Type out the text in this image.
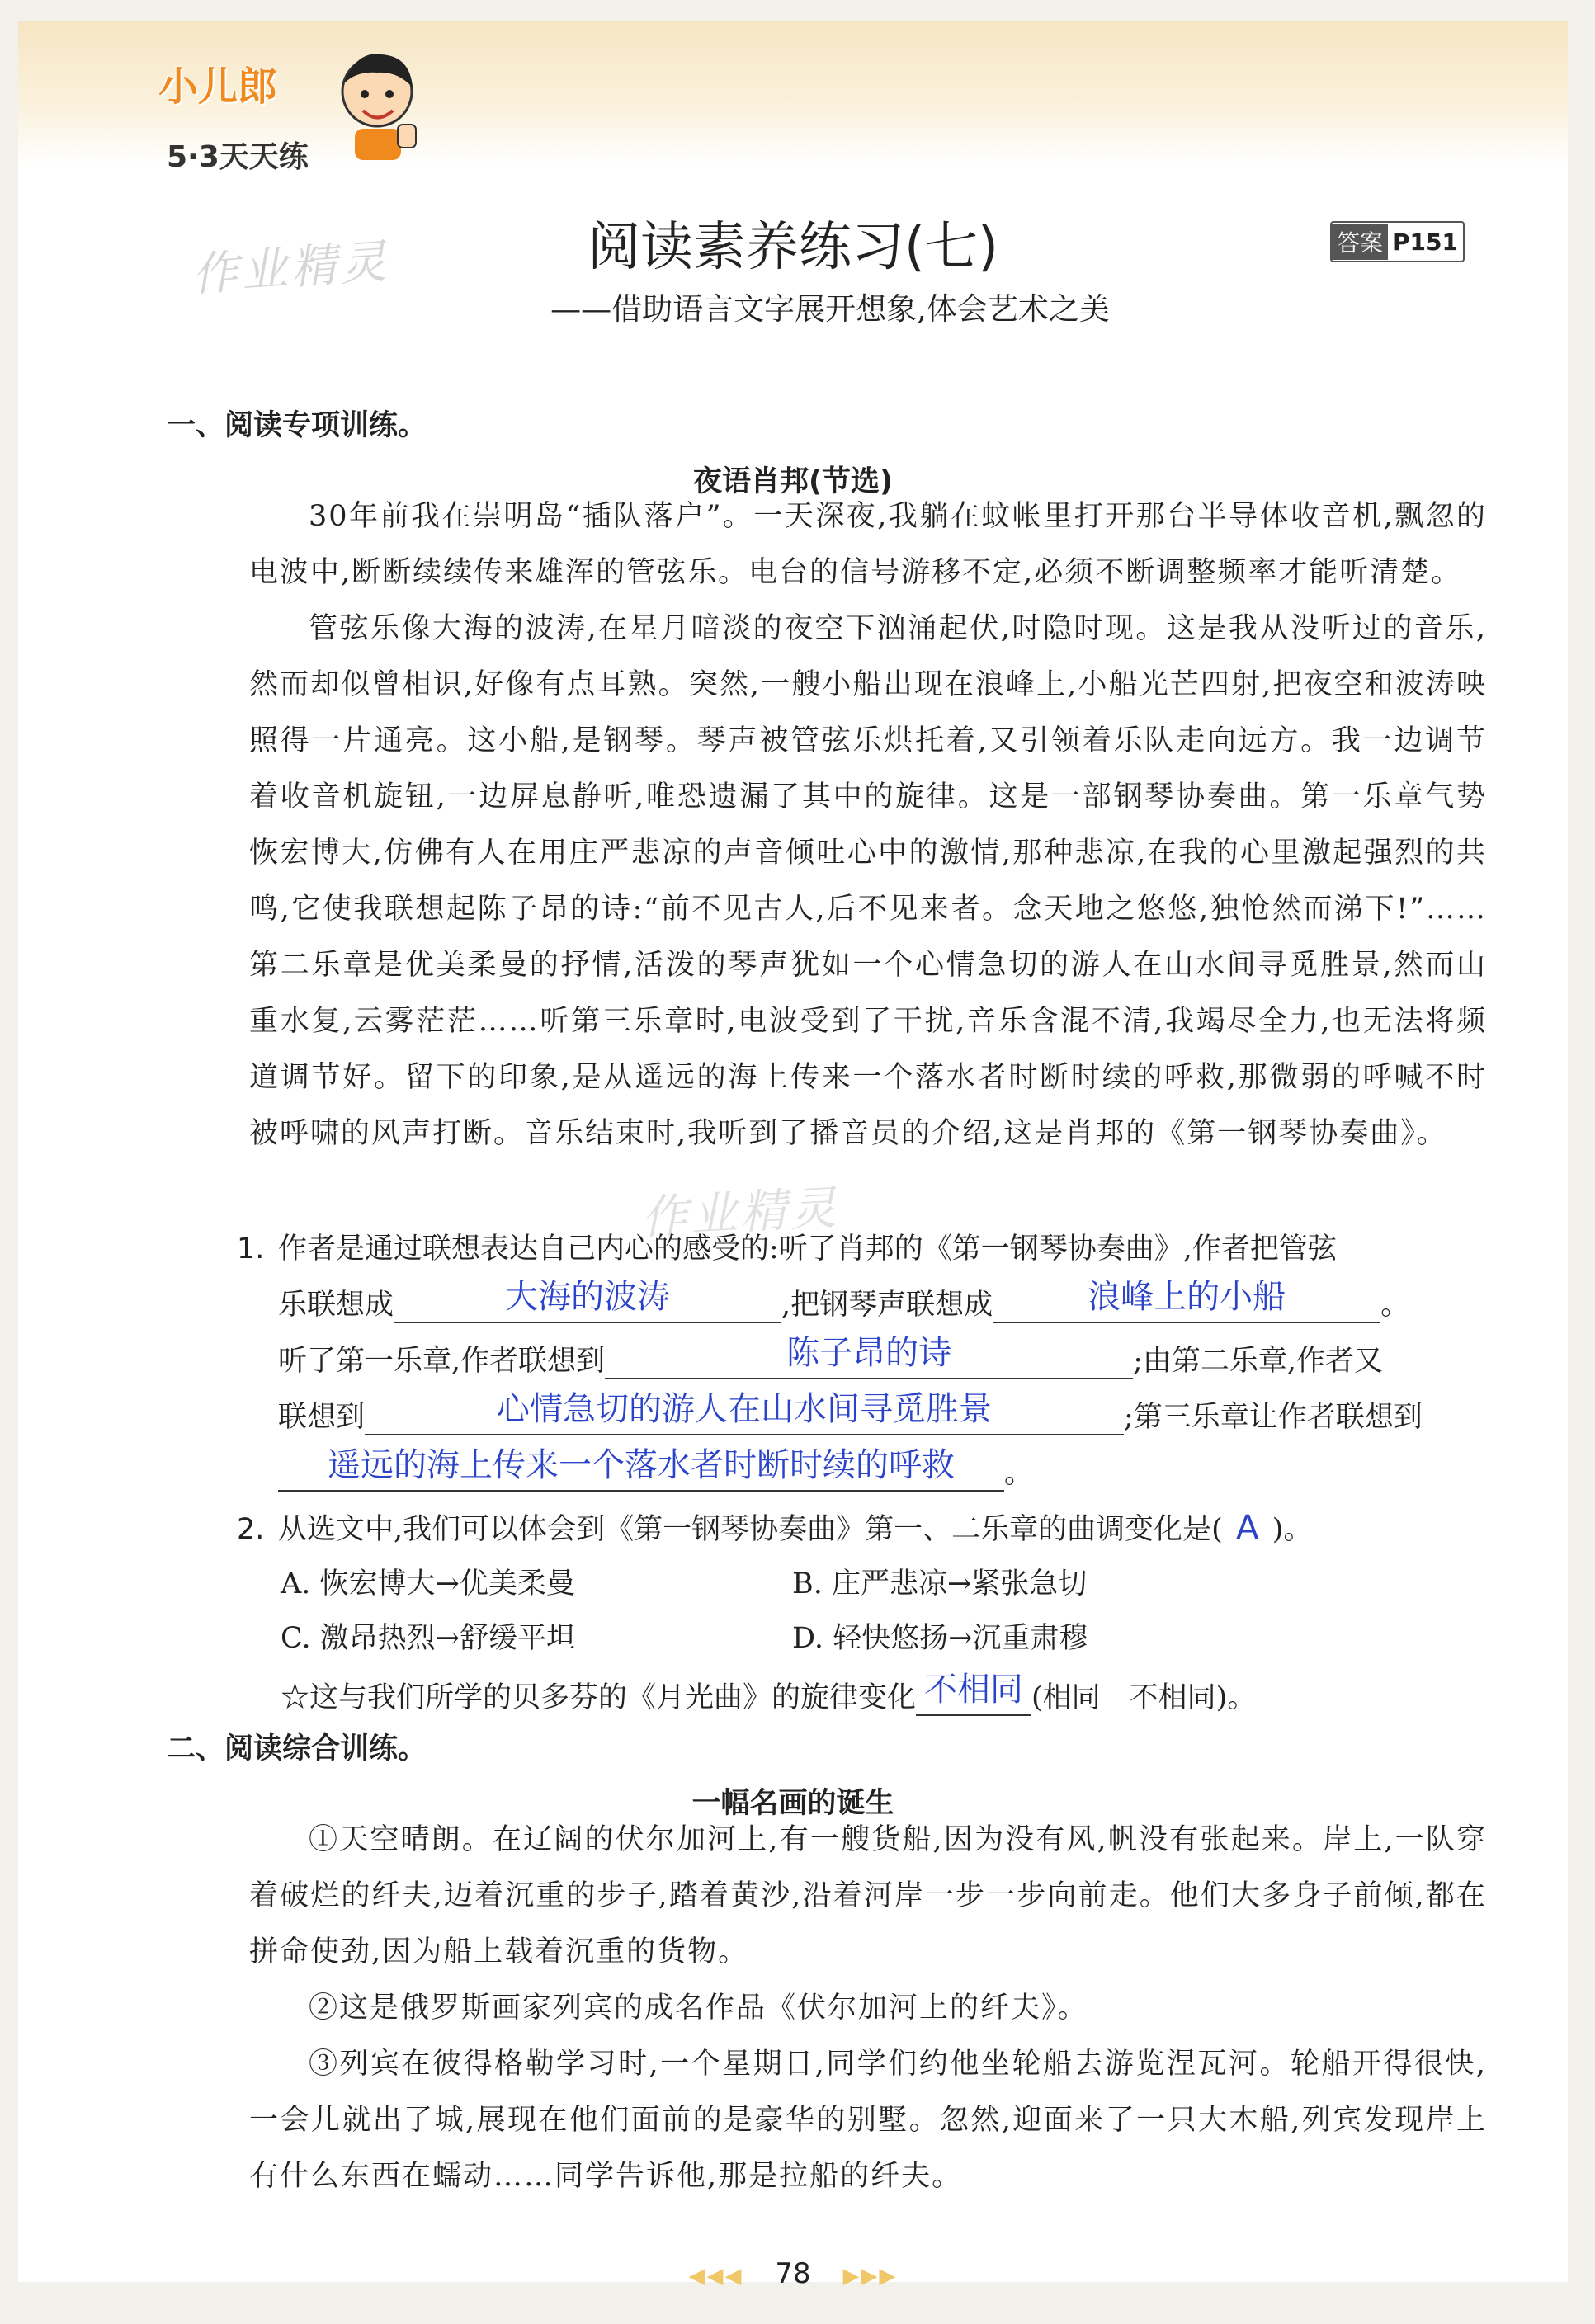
小儿郎
5·3天天练
作业精灵
作业精灵
阅读素养练习(七)	答案 P151
——借助语言文字展开想象,体会艺术之美
一、阅读专项训练。
夜语肖邦(节选)

30年前我在崇明岛“插队落户”。一天深夜,我躺在蚊帐里打开那台半导体收音机,飘忽的电波中,断断续续传来雄浑的管弦乐。电台的信号游移不定,必须不断调整频率才能听清楚。

管弦乐像大海的波涛,在星月暗淡的夜空下汹涌起伏,时隐时现。这是我从没听过的音乐,然而却似曾相识,好像有点耳熟。突然,一艘小船出现在浪峰上,小船光芒四射,把夜空和波涛映照得一片通亮。这小船,是钢琴。琴声被管弦乐烘托着,又引领着乐队走向远方。我一边调节着收音机旋钮,一边屏息静听,唯恐遗漏了其中的旋律。这是一部钢琴协奏曲。第一乐章气势恢宏博大,仿佛有人在用庄严悲凉的声音倾吐心中的激情,那种悲凉,在我的心里激起强烈的共鸣,它使我联想起陈子昂的诗:“前不见古人,后不见来者。念天地之悠悠,独怆然而涕下!”……第二乐章是优美柔曼的抒情,活泼的琴声犹如一个心情急切的游人在山水间寻觅胜景,然而山重水复,云雾茫茫……听第三乐章时,电波受到了干扰,音乐含混不清,我竭尽全力,也无法将频道调节好。留下的印象,是从遥远的海上传来一个落水者时断时续的呼救,那微弱的呼喊不时被呼啸的风声打断。音乐结束时,我听到了播音员的介绍,这是肖邦的《第一钢琴协奏曲》。

1. 作者是通过联想表达自己内心的感受的:听了肖邦的《第一钢琴协奏曲》,作者把管弦
乐联想成	大海的波涛	,把钢琴声联想成	浪峰上的小船	。
听了第一乐章,作者联想到	陈子昂的诗	;由第二乐章,作者又
联想到	心情急切的游人在山水间寻觅胜景	;第三乐章让作者联想到
遥远的海上传来一个落水者时断时续的呼救 。
2. 从选文中,我们可以体会到《第一钢琴协奏曲》第一、二乐章的曲调变化是( A )。
A. 恢宏博大→优美柔曼	B. 庄严悲凉→紧张急切
C. 激昂热烈→舒缓平坦	D. 轻快悠扬→沉重肃穆
☆这与我们所学的贝多芬的《月光曲》的旋律变化 不相同 (相同　不相同)。
二、阅读综合训练。
一幅名画的诞生

①天空晴朗。在辽阔的伏尔加河上,有一艘货船,因为没有风,帆没有张起来。岸上,一队穿着破烂的纤夫,迈着沉重的步子,踏着黄沙,沿着河岸一步一步向前走。他们大多身子前倾,都在拼命使劲,因为船上载着沉重的货物。

②这是俄罗斯画家列宾的成名作品《伏尔加河上的纤夫》。

③列宾在彼得格勒学习时,一个星期日,同学们约他坐轮船去游览涅瓦河。轮船开得很快,一会儿就出了城,展现在他们面前的是豪华的别墅。忽然,迎面来了一只大木船,列宾发现岸上有什么东西在蠕动……同学告诉他,那是拉船的纤夫。

◀◀◀ 78 ▶▶▶
